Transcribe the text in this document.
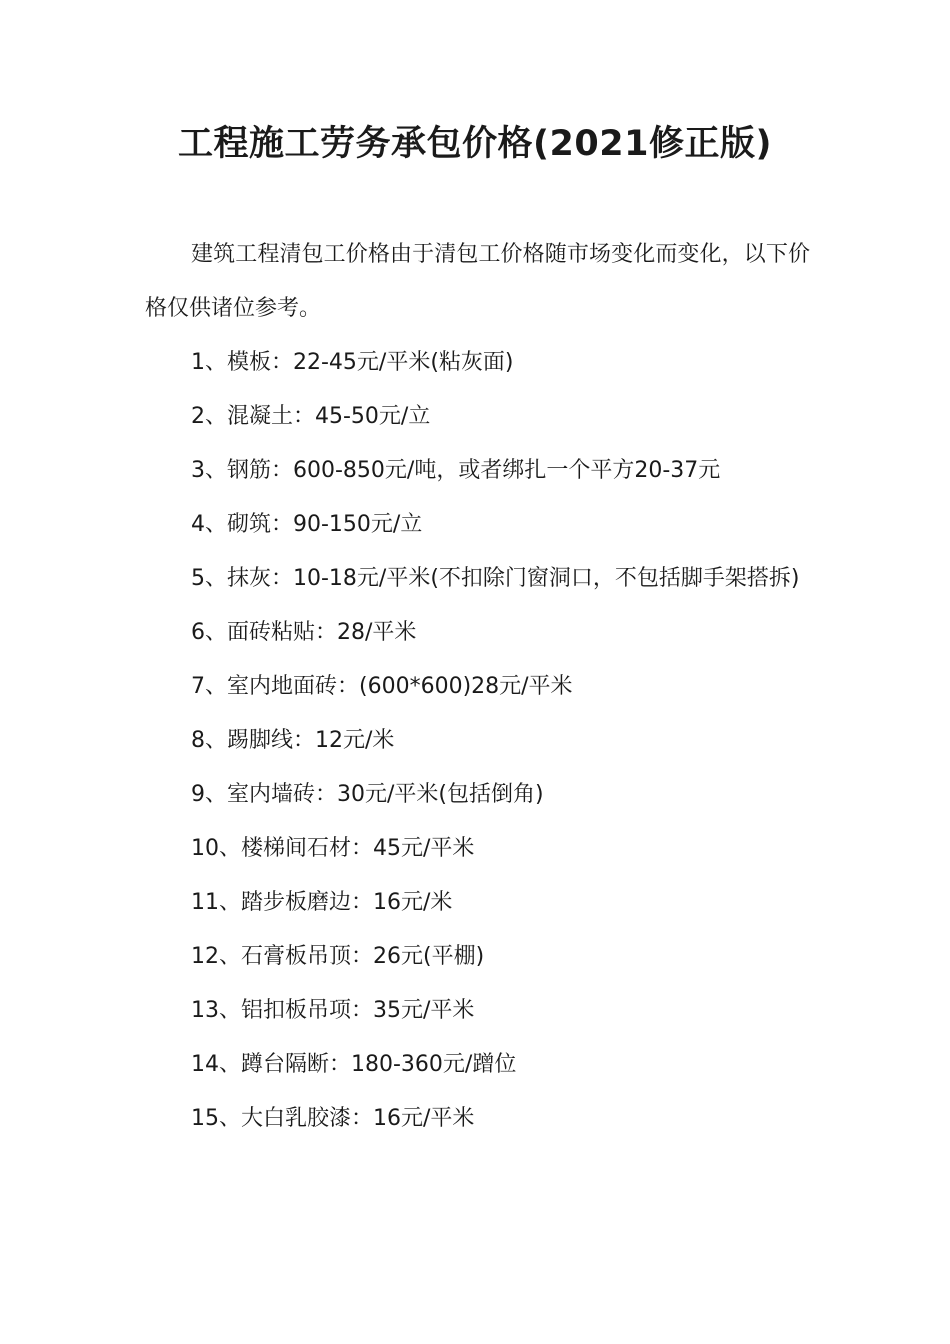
工程施工劳务承包价格(2021修正版)

建筑工程清包工价格由于清包工价格随市场变化而变化，以下价格仅供诸位参考。

1、模板：22-45元/平米(粘灰面)

2、混凝土：45-50元/立

3、钢筋：600-850元/吨，或者绑扎一个平方20-37元

4、砌筑：90-150元/立

5、抹灰：10-18元/平米(不扣除门窗洞口，不包括脚手架搭拆)

6、面砖粘贴：28/平米

7、室内地面砖：(600*600)28元/平米

8、踢脚线：12元/米

9、室内墙砖：30元/平米(包括倒角)

10、楼梯间石材：45元/平米

11、踏步板磨边：16元/米

12、石膏板吊顶：26元(平棚)

13、铝扣板吊项：35元/平米

14、蹲台隔断：180-360元/蹭位

15、大白乳胶漆：16元/平米
